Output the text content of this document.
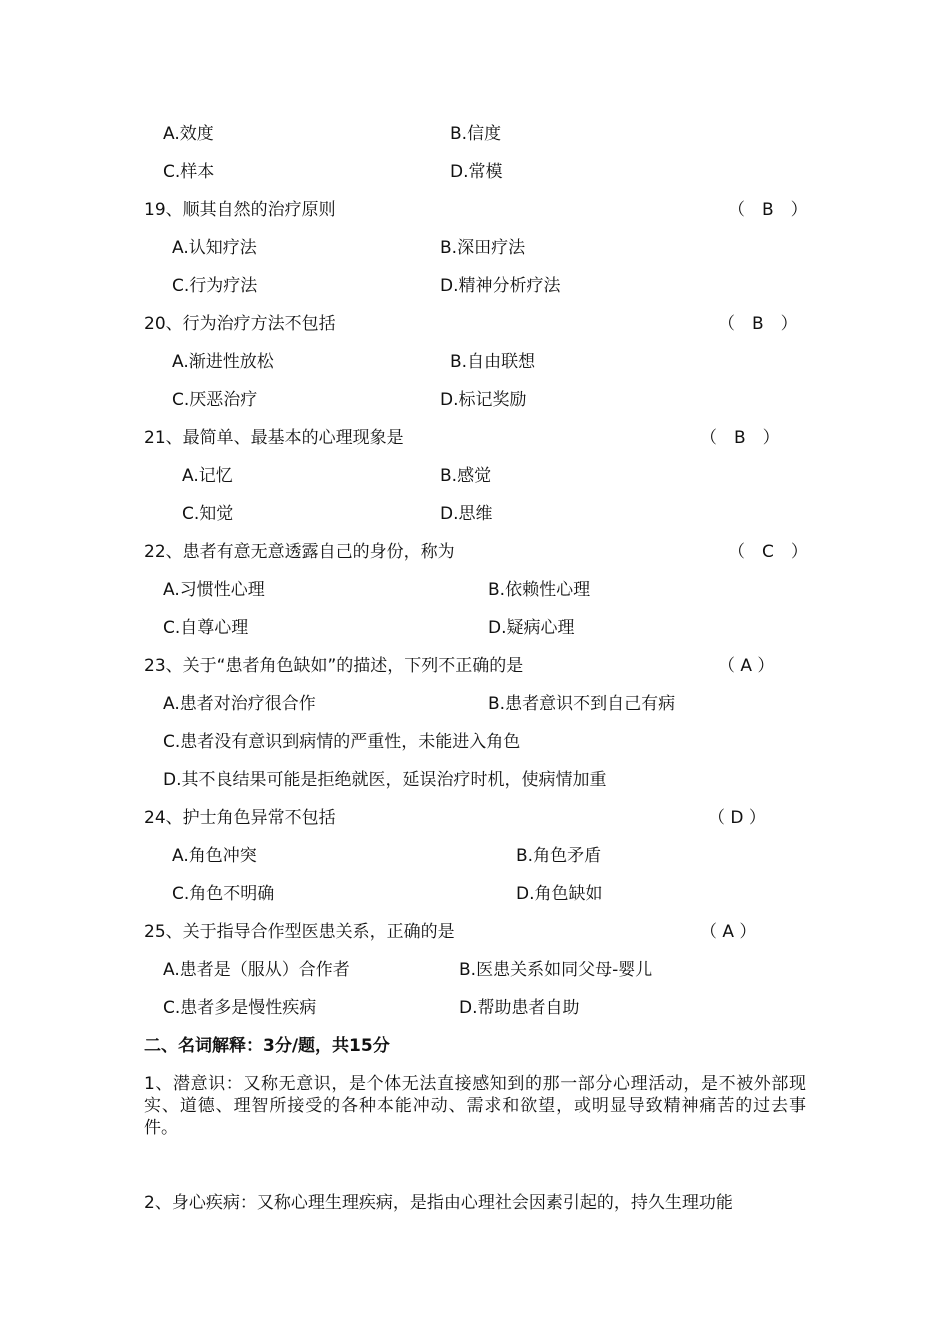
A.效度	B.信度
C.样本	D.常模
19、顺其自然的治疗原则	（　B　）
A.认知疗法	B.深田疗法
C.行为疗法	D.精神分析疗法
20、行为治疗方法不包括	（　B　）
A.渐进性放松	B.自由联想
C.厌恶治疗	D.标记奖励
21、最简单、最基本的心理现象是	（　B　）
A.记忆	B.感觉
C.知觉	D.思维
22、患者有意无意透露自己的身份，称为	（　C　）
A.习惯性心理	B.依赖性心理
C.自尊心理	D.疑病心理
23、关于“患者角色缺如”的描述，下列不正确的是	（ A ）
A.患者对治疗很合作	B.患者意识不到自己有病
C.患者没有意识到病情的严重性，未能进入角色
D.其不良结果可能是拒绝就医，延误治疗时机，使病情加重
24、护士角色异常不包括	（ D ）
A.角色冲突	B.角色矛盾
C.角色不明确	D.角色缺如
25、关于指导合作型医患关系，正确的是	（ A ）
A.患者是（服从）合作者	B.医患关系如同父母-婴儿
C.患者多是慢性疾病	D.帮助患者自助
二、名词解释：3分/题，共15分
1、潜意识：又称无意识，是个体无法直接感知到的那一部分心理活动，是不被外部现实、道德、理智所接受的各种本能冲动、需求和欲望，或明显导致精神痛苦的过去事件。
2、身心疾病：又称心理生理疾病，是指由心理社会因素引起的，持久生理功能
